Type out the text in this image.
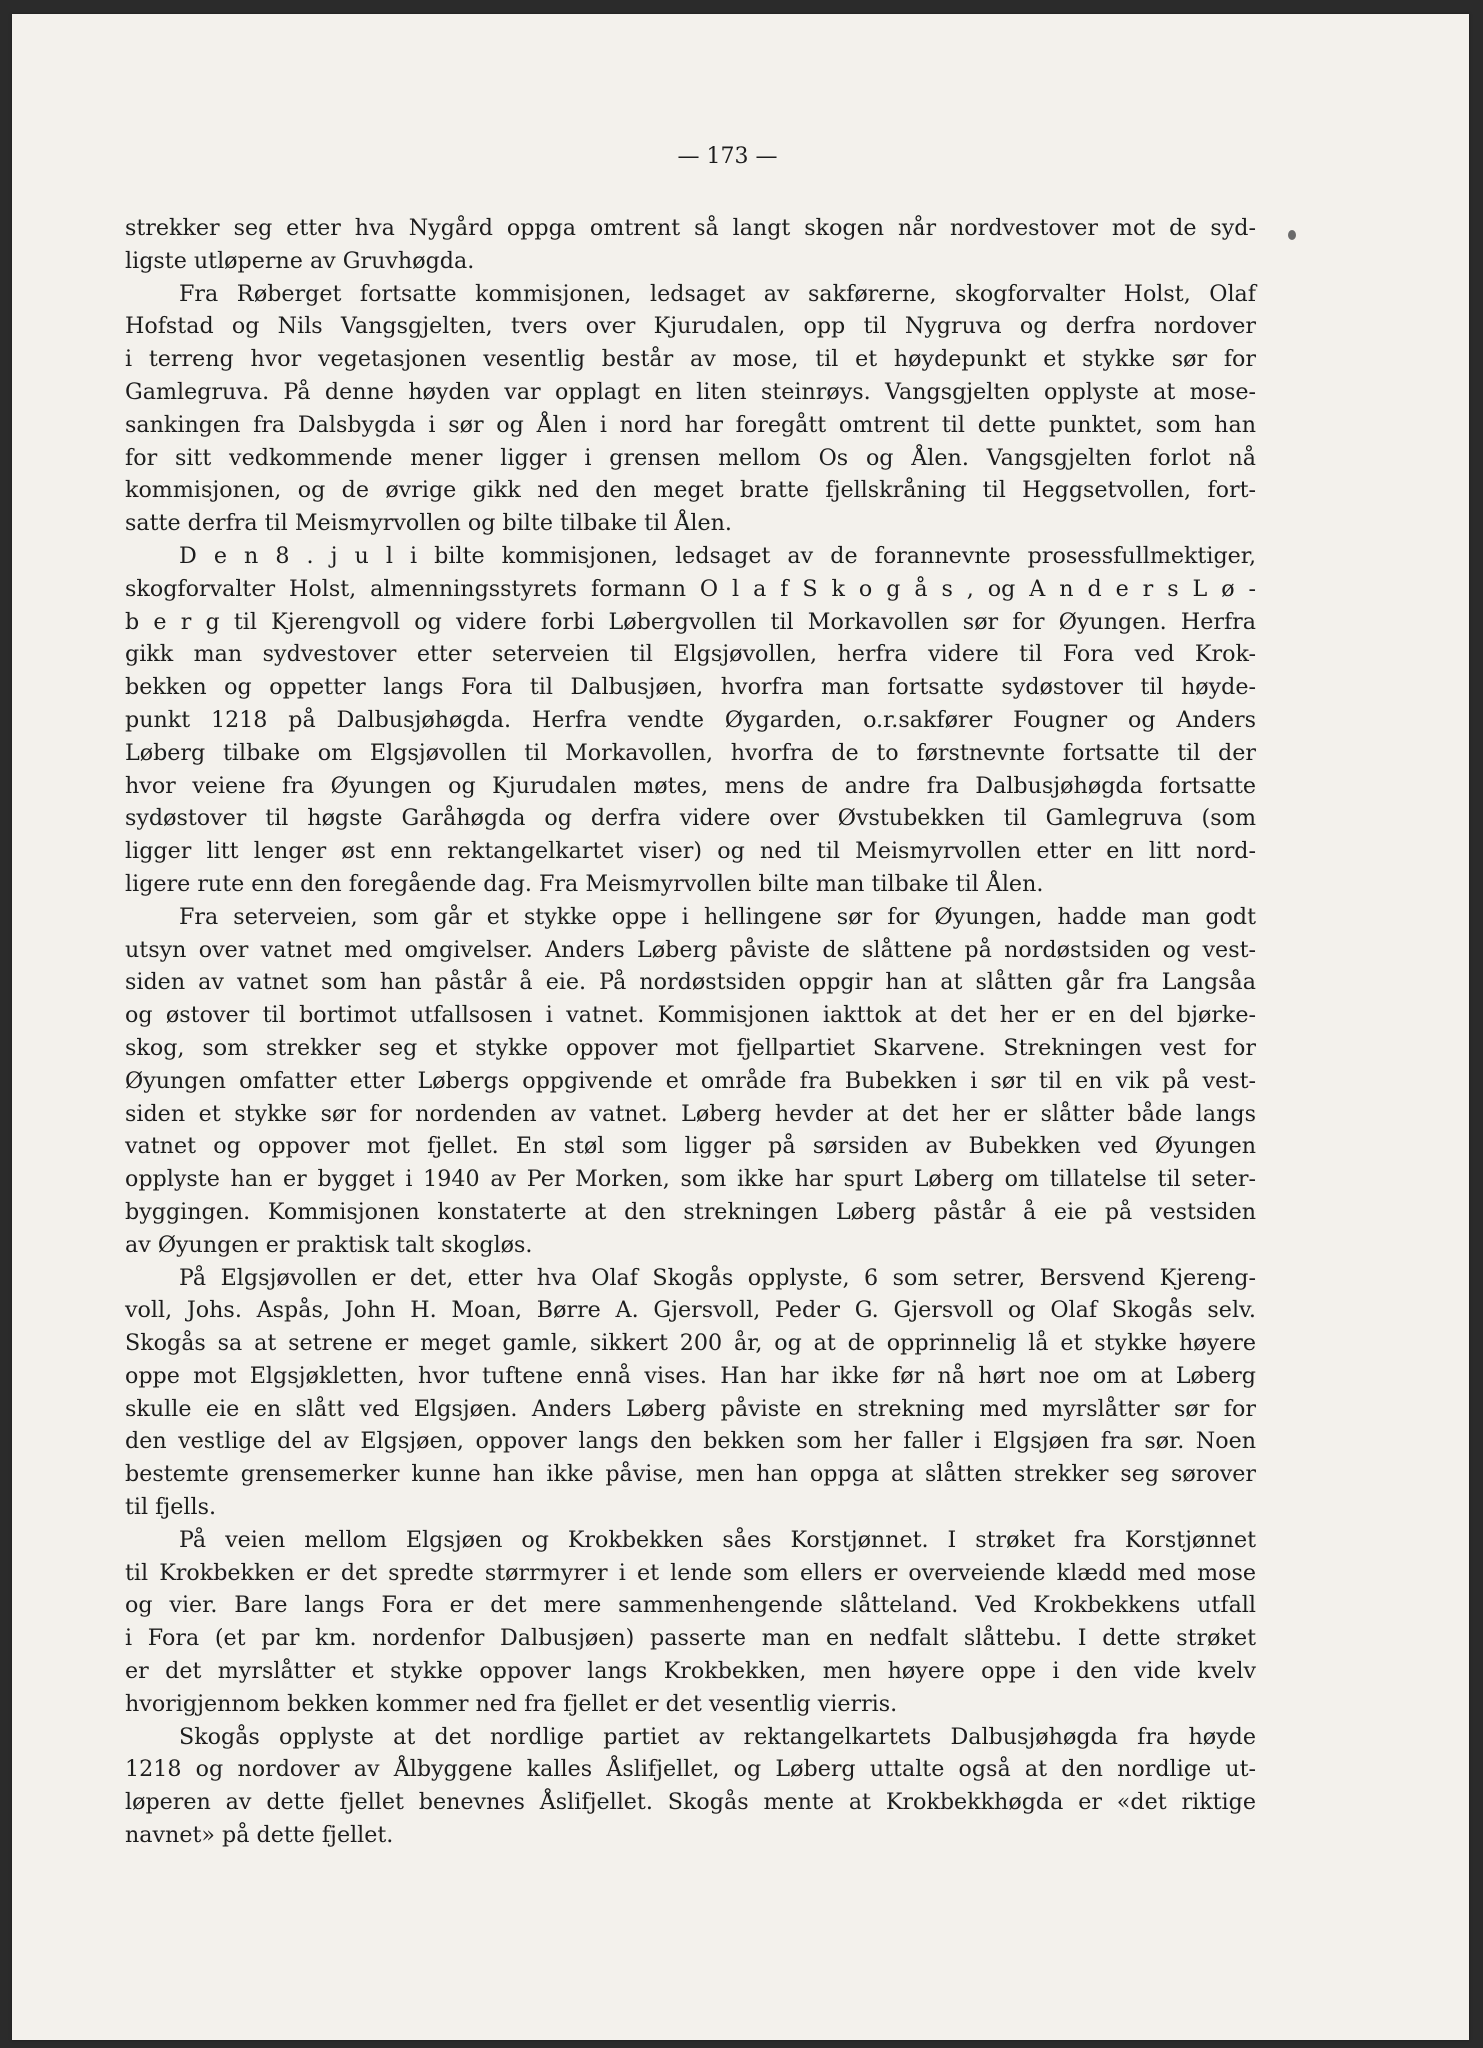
— 173 —
strekker seg etter hva Nygård oppga omtrent så langt skogen når nordvestover mot de syd-
ligste utløperne av Gruvhøgda.
Fra Røberget fortsatte kommisjonen, ledsaget av sakførerne, skogforvalter Holst, Olaf
Hofstad og Nils Vangsgjelten, tvers over Kjurudalen, opp til Nygruva og derfra nordover
i terreng hvor vegetasjonen vesentlig består av mose, til et høydepunkt et stykke sør for
Gamlegruva. På denne høyden var opplagt en liten steinrøys. Vangsgjelten opplyste at mose-
sankingen fra Dalsbygda i sør og Ålen i nord har foregått omtrent til dette punktet, som han
for sitt vedkommende mener ligger i grensen mellom Os og Ålen. Vangsgjelten forlot nå
kommisjonen, og de øvrige gikk ned den meget bratte fjellskråning til Heggsetvollen, fort-
satte derfra til Meismyrvollen og bilte tilbake til Ålen.
D e n 8 . j u l i bilte kommisjonen, ledsaget av de forannevnte prosessfullmektiger,
skogforvalter Holst, almenningsstyrets formann O l a f S k o g å s , og A n d e r s L ø -
b e r g til Kjerengvoll og videre forbi Løbergvollen til Morkavollen sør for Øyungen. Herfra
gikk man sydvestover etter seterveien til Elgsjøvollen, herfra videre til Fora ved Krok-
bekken og oppetter langs Fora til Dalbusjøen, hvorfra man fortsatte sydøstover til høyde-
punkt 1218 på Dalbusjøhøgda. Herfra vendte Øygarden, o.r.sakfører Fougner og Anders
Løberg tilbake om Elgsjøvollen til Morkavollen, hvorfra de to førstnevnte fortsatte til der
hvor veiene fra Øyungen og Kjurudalen møtes, mens de andre fra Dalbusjøhøgda fortsatte
sydøstover til høgste Garåhøgda og derfra videre over Øvstubekken til Gamlegruva (som
ligger litt lenger øst enn rektangelkartet viser) og ned til Meismyrvollen etter en litt nord-
ligere rute enn den foregående dag. Fra Meismyrvollen bilte man tilbake til Ålen.
Fra seterveien, som går et stykke oppe i hellingene sør for Øyungen, hadde man godt
utsyn over vatnet med omgivelser. Anders Løberg påviste de slåttene på nordøstsiden og vest-
siden av vatnet som han påstår å eie. På nordøstsiden oppgir han at slåtten går fra Langsåa
og østover til bortimot utfallsosen i vatnet. Kommisjonen iakttok at det her er en del bjørke-
skog, som strekker seg et stykke oppover mot fjellpartiet Skarvene. Strekningen vest for
Øyungen omfatter etter Løbergs oppgivende et område fra Bubekken i sør til en vik på vest-
siden et stykke sør for nordenden av vatnet. Løberg hevder at det her er slåtter både langs
vatnet og oppover mot fjellet. En støl som ligger på sørsiden av Bubekken ved Øyungen
opplyste han er bygget i 1940 av Per Morken, som ikke har spurt Løberg om tillatelse til seter-
byggingen. Kommisjonen konstaterte at den strekningen Løberg påstår å eie på vestsiden
av Øyungen er praktisk talt skogløs.
På Elgsjøvollen er det, etter hva Olaf Skogås opplyste, 6 som setrer, Bersvend Kjereng-
voll, Johs. Aspås, John H. Moan, Børre A. Gjersvoll, Peder G. Gjersvoll og Olaf Skogås selv.
Skogås sa at setrene er meget gamle, sikkert 200 år, og at de opprinnelig lå et stykke høyere
oppe mot Elgsjøkletten, hvor tuftene ennå vises. Han har ikke før nå hørt noe om at Løberg
skulle eie en slått ved Elgsjøen. Anders Løberg påviste en strekning med myrslåtter sør for
den vestlige del av Elgsjøen, oppover langs den bekken som her faller i Elgsjøen fra sør. Noen
bestemte grensemerker kunne han ikke påvise, men han oppga at slåtten strekker seg sørover
til fjells.
På veien mellom Elgsjøen og Krokbekken såes Korstjønnet. I strøket fra Korstjønnet
til Krokbekken er det spredte størrmyrer i et lende som ellers er overveiende klædd med mose
og vier. Bare langs Fora er det mere sammenhengende slåtteland. Ved Krokbekkens utfall
i Fora (et par km. nordenfor Dalbusjøen) passerte man en nedfalt slåttebu. I dette strøket
er det myrslåtter et stykke oppover langs Krokbekken, men høyere oppe i den vide kvelv
hvorigjennom bekken kommer ned fra fjellet er det vesentlig vierris.
Skogås opplyste at det nordlige partiet av rektangelkartets Dalbusjøhøgda fra høyde
1218 og nordover av Ålbyggene kalles Åslifjellet, og Løberg uttalte også at den nordlige ut-
løperen av dette fjellet benevnes Åslifjellet. Skogås mente at Krokbekkhøgda er «det riktige
navnet» på dette fjellet.
